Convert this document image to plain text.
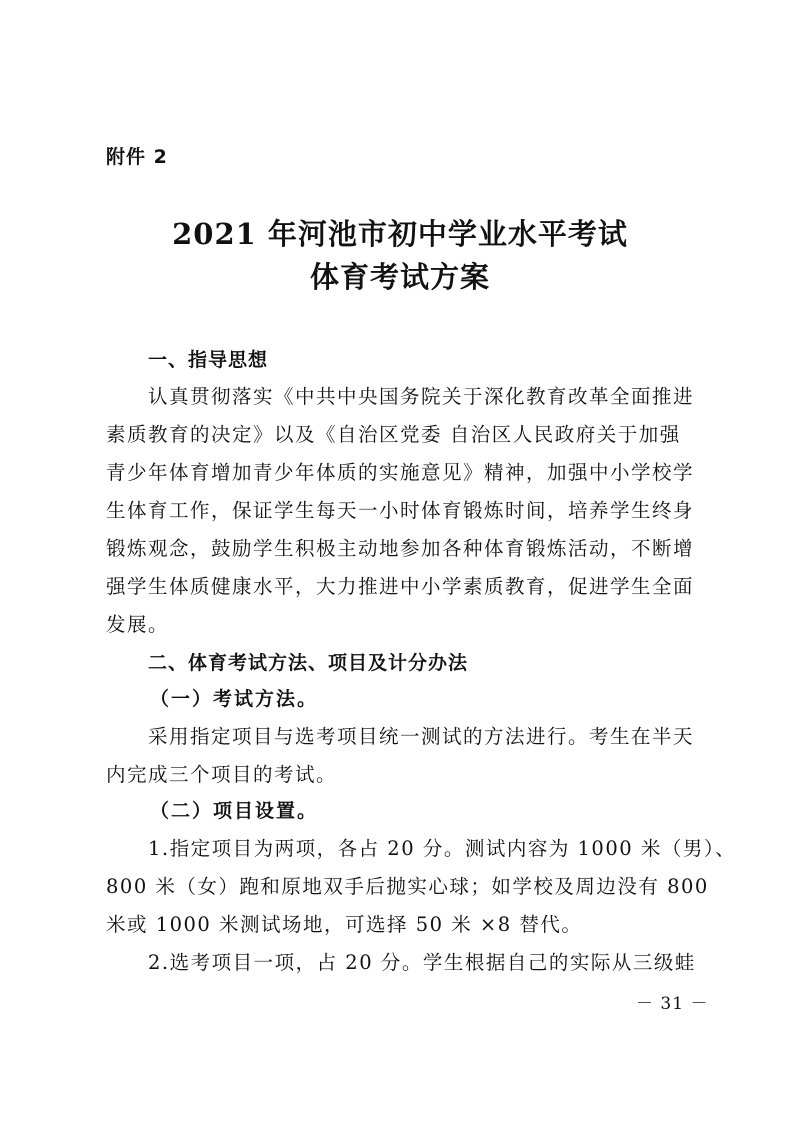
附件 2
2021 年河池市初中学业水平考试
体育考试方案
一、指导思想
认真贯彻落实《中共中央国务院关于深化教育改革全面推进
素质教育的决定》以及《自治区党委 自治区人民政府关于加强
青少年体育增加青少年体质的实施意见》精神，加强中小学校学
生体育工作，保证学生每天一小时体育锻炼时间，培养学生终身
锻炼观念，鼓励学生积极主动地参加各种体育锻炼活动，不断增
强学生体质健康水平，大力推进中小学素质教育，促进学生全面
发展。
二、体育考试方法、项目及计分办法
（一）考试方法。
采用指定项目与选考项目统一测试的方法进行。考生在半天
内完成三个项目的考试。
（二）项目设置。
1.指定项目为两项，各占 20 分。测试内容为 1000 米（男）、
800 米（女）跑和原地双手后抛实心球；如学校及周边没有 800
米或 1000 米测试场地，可选择 50 米 ×8 替代。
2.选考项目一项，占 20 分。学生根据自己的实际从三级蛙
－ 31 －
